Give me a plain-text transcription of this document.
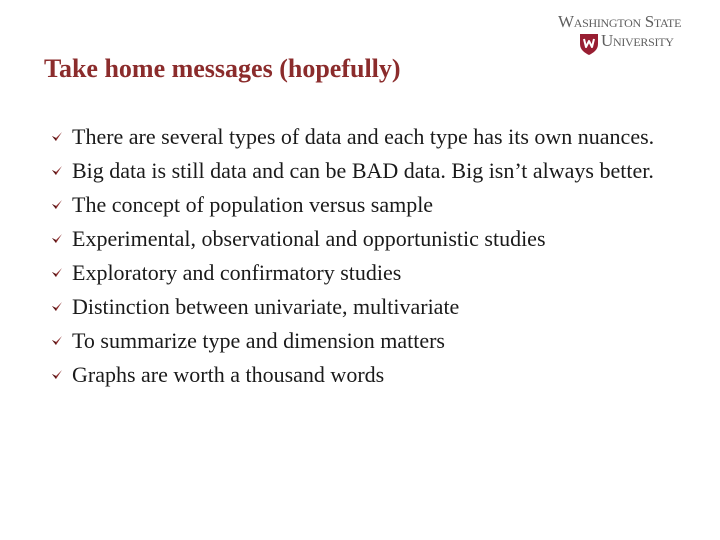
Washington State
University
Take home messages (hopefully)
There are several types of data and each type has its own nuances.
Big data is still data and can be BAD data. Big isn’t always better.
The concept of population versus sample
Experimental, observational and opportunistic studies
Exploratory and confirmatory studies
Distinction between univariate, multivariate
To summarize type and dimension matters
Graphs are worth a thousand words
